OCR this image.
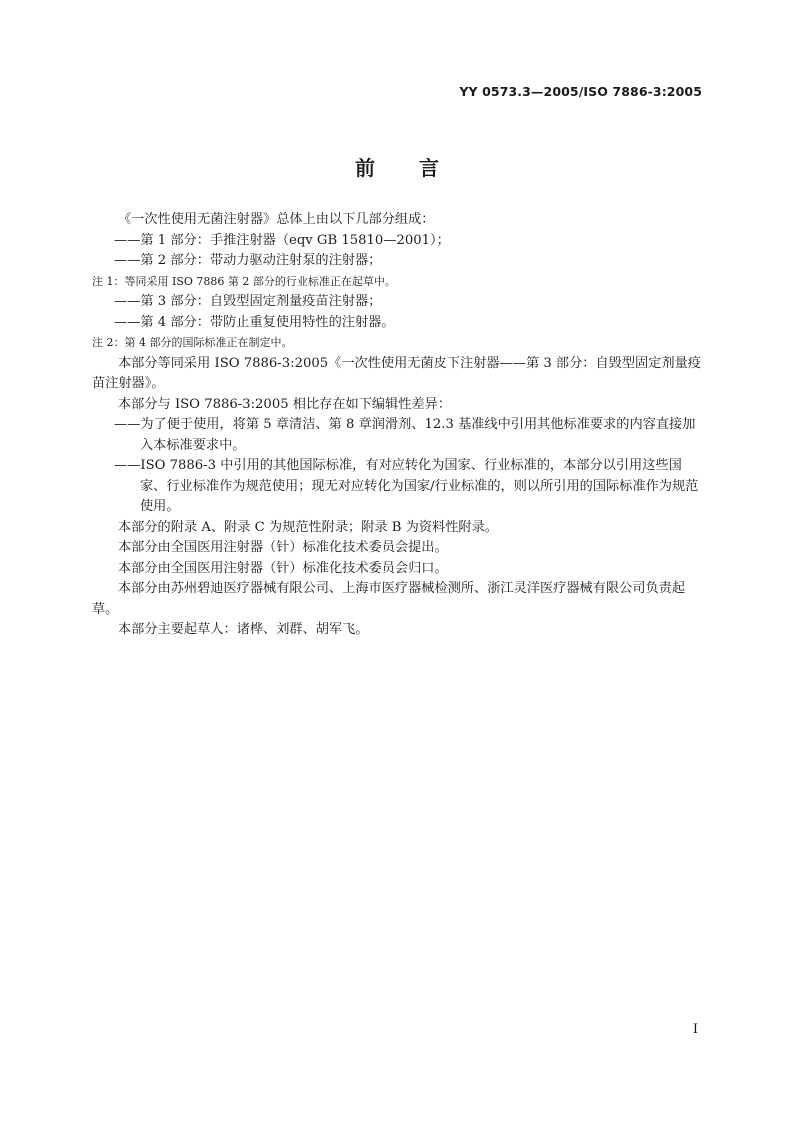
YY 0573.3—2005/ISO 7886-3:2005
前言

《一次性使用无菌注射器》总体上由以下几部分组成：

——第 1 部分：手推注射器（eqv GB 15810—2001）；

——第 2 部分：带动力驱动注射泵的注射器；

注 1：等同采用 ISO 7886 第 2 部分的行业标准正在起草中。

——第 3 部分：自毁型固定剂量疫苗注射器；

——第 4 部分：带防止重复使用特性的注射器。

注 2：第 4 部分的国际标准正在制定中。

本部分等同采用 ISO 7886-3:2005《一次性使用无菌皮下注射器——第 3 部分：自毁型固定剂量疫苗注射器》。

本部分与 ISO 7886-3:2005 相比存在如下编辑性差异：

——为了便于使用，将第 5 章清洁、第 8 章润滑剂、12.3 基准线中引用其他标准要求的内容直接加入本标准要求中。

——ISO 7886-3 中引用的其他国际标准，有对应转化为国家、行业标准的，本部分以引用这些国家、行业标准作为规范使用；现无对应转化为国家/行业标准的，则以所引用的国际标准作为规范使用。

本部分的附录 A、附录 C 为规范性附录；附录 B 为资料性附录。

本部分由全国医用注射器（针）标准化技术委员会提出。

本部分由全国医用注射器（针）标准化技术委员会归口。

本部分由苏州碧迪医疗器械有限公司、上海市医疗器械检测所、浙江灵洋医疗器械有限公司负责起草。

本部分主要起草人：诸桦、刘群、胡军飞。

I
